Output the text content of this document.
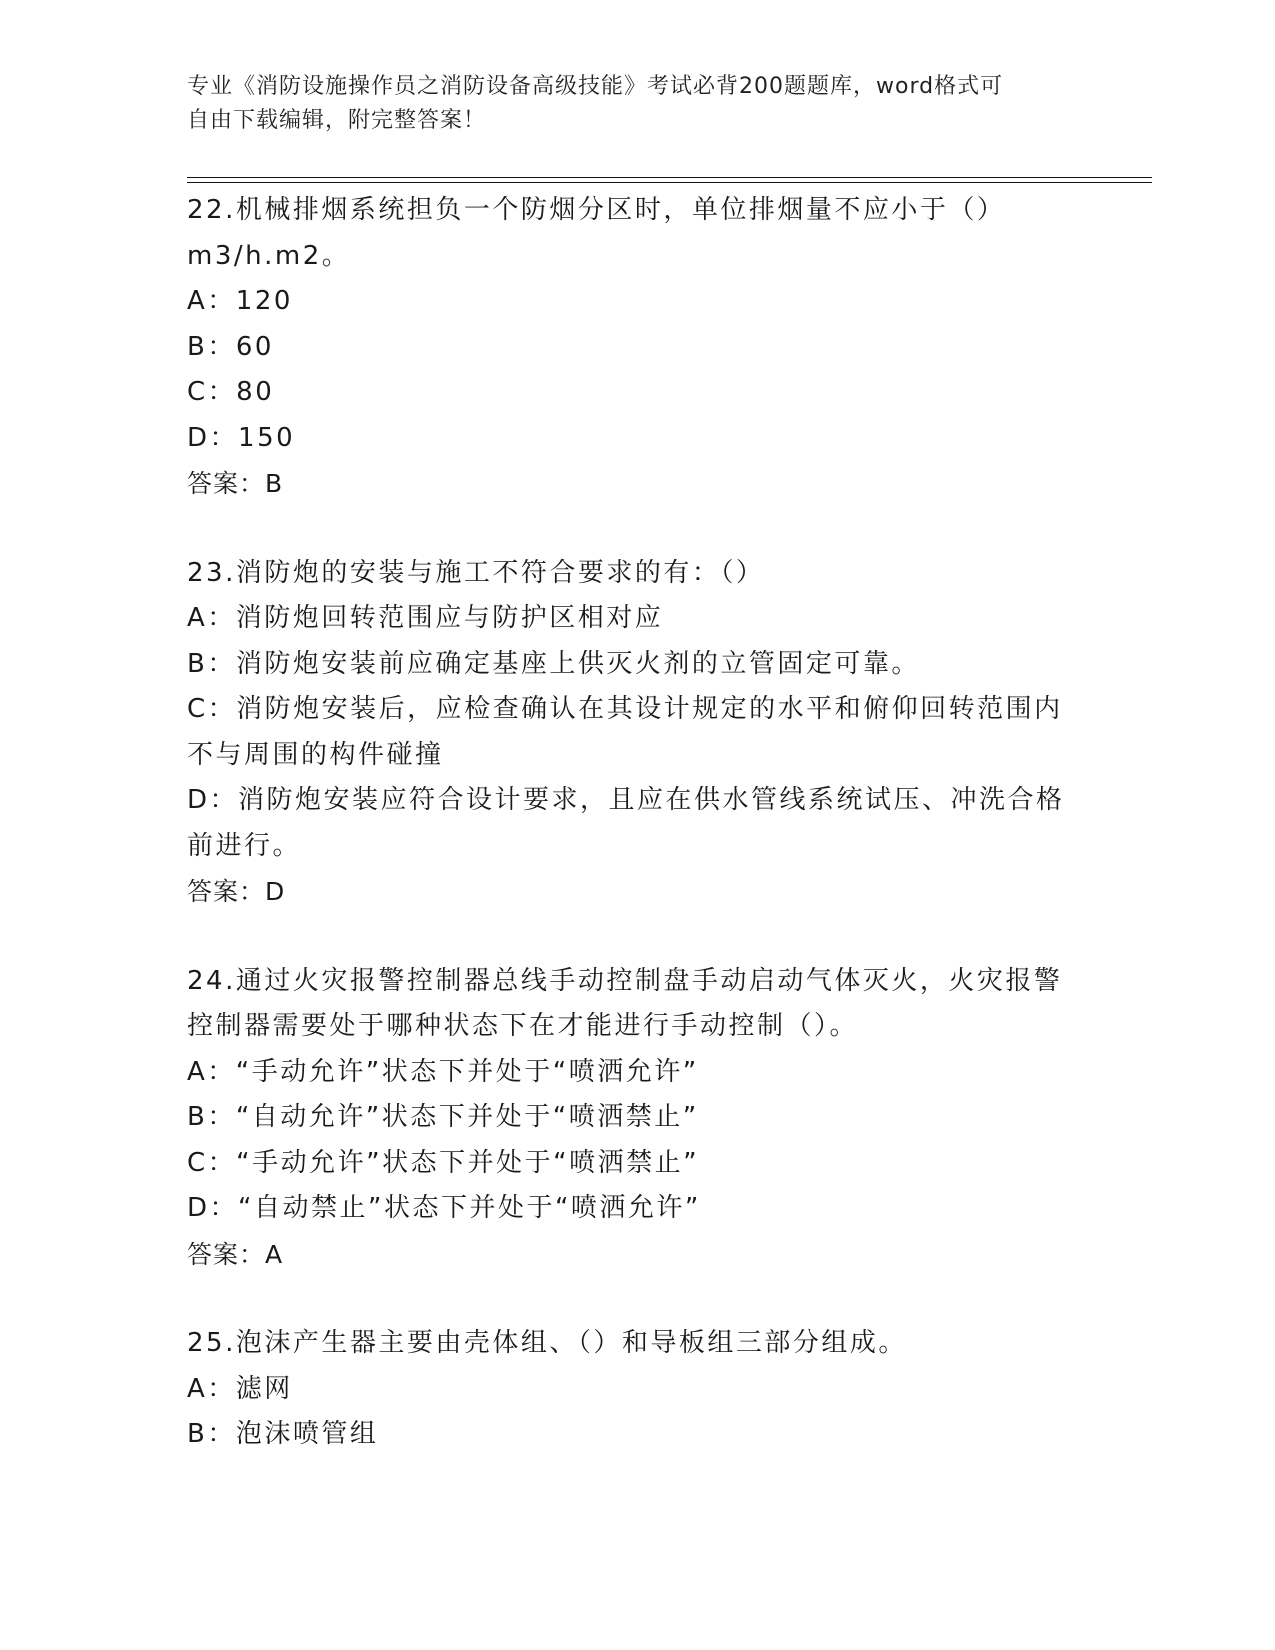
专业《消防设施操作员之消防设备高级技能》考试必背200题题库，word格式可
自由下载编辑，附完整答案！
22.机械排烟系统担负一个防烟分区时，单位排烟量不应小于（）
m3/h.m2。
A：120
B：60
C：80
D：150
答案：B
23.消防炮的安装与施工不符合要求的有：（）
A：消防炮回转范围应与防护区相对应
B：消防炮安装前应确定基座上供灭火剂的立管固定可靠。
C：消防炮安装后，应检查确认在其设计规定的水平和俯仰回转范围内
不与周围的构件碰撞
D：消防炮安装应符合设计要求，且应在供水管线系统试压、冲洗合格
前进行。
答案：D
24.通过火灾报警控制器总线手动控制盘手动启动气体灭火，火灾报警
控制器需要处于哪种状态下在才能进行手动控制（）。
A：“手动允许”状态下并处于“喷洒允许”
B：“自动允许”状态下并处于“喷洒禁止”
C：“手动允许”状态下并处于“喷洒禁止”
D：“自动禁止”状态下并处于“喷洒允许”
答案：A
25.泡沫产生器主要由壳体组、（）和导板组三部分组成。
A：滤网
B：泡沫喷管组
